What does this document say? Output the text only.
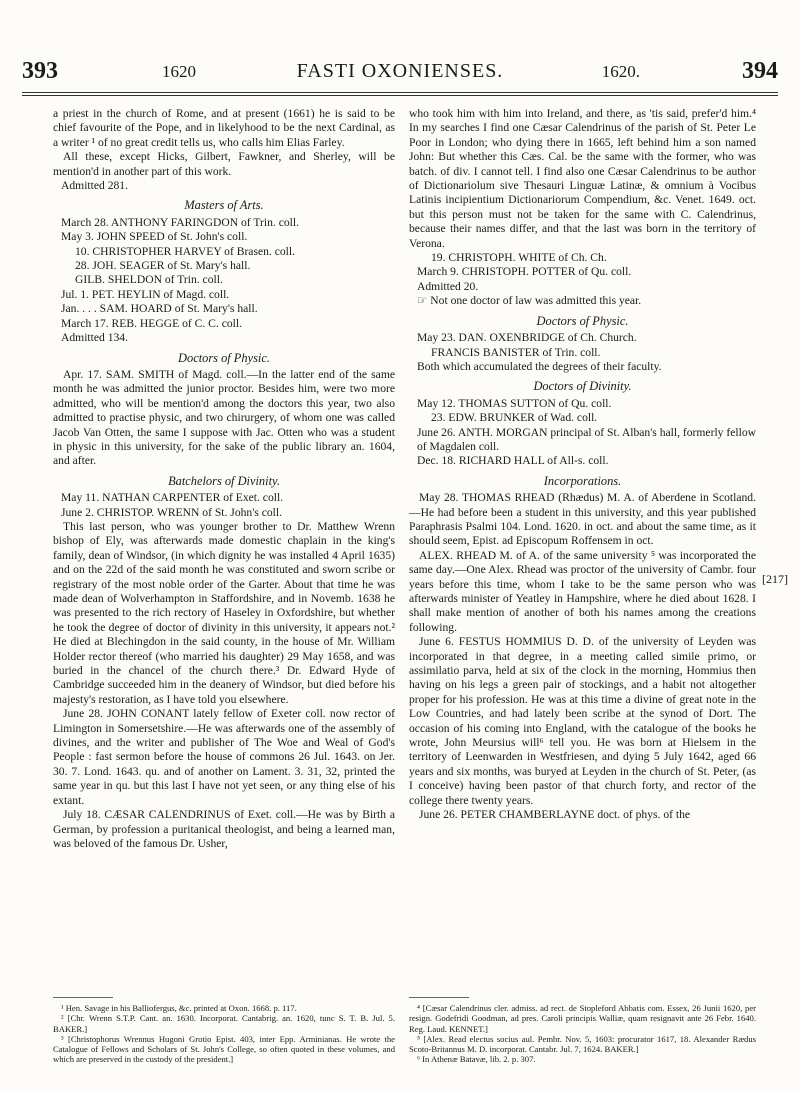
393	1620	FASTI OXONIENSES.	1620.	394

a priest in the church of Rome, and at present (1661) he is said to be chief favourite of the Pope, and in likelyhood to be the next Cardinal, as a writer ¹ of no great credit tells us, who calls him Elias Farley.

All these, except Hicks, Gilbert, Fawkner, and Sherley, will be mention'd in another part of this work.

Admitted 281.

Masters of Arts.

March 28. ANTHONY FARINGDON of Trin. coll.

May 3. JOHN SPEED of St. John's coll.

10. CHRISTOPHER HARVEY of Brasen. coll.

28. JOH. SEAGER of St. Mary's hall.

GILB. SHELDON of Trin. coll.

Jul. 1. PET. HEYLIN of Magd. coll.

Jan. . . . SAM. HOARD of St. Mary's hall.

March 17. REB. HEGGE of C. C. coll.

Admitted 134.

Doctors of Physic.

Apr. 17. SAM. SMITH of Magd. coll.—In the latter end of the same month he was admitted the junior proctor. Besides him, were two more admitted, who will be mention'd among the doctors this year, two also admitted to practise physic, and two chirurgery, of whom one was called Jacob Van Otten, the same I suppose with Jac. Otten who was a student in physic in this university, for the sake of the public library an. 1604, and after.

Batchelors of Divinity.

May 11. NATHAN CARPENTER of Exet. coll.

June 2. CHRISTOP. WRENN of St. John's coll.

This last person, who was younger brother to Dr. Matthew Wrenn bishop of Ely, was afterwards made domestic chaplain in the king's family, dean of Windsor, (in which dignity he was installed 4 April 1635) and on the 22d of the said month he was constituted and sworn scribe or registrary of the most noble order of the Garter. About that time he was made dean of Wolverhampton in Staffordshire, and in Novemb. 1638 he was presented to the rich rectory of Haseley in Oxfordshire, but whether he took the degree of doctor of divinity in this university, it appears not.² He died at Blechingdon in the said county, in the house of Mr. William Holder rector thereof (who married his daughter) 29 May 1658, and was buried in the chancel of the church there.³ Dr. Edward Hyde of Cambridge succeeded him in the deanery of Windsor, but died before his majesty's restoration, as I have told you elsewhere.

June 28. JOHN CONANT lately fellow of Exeter coll. now rector of Limington in Somersetshire.—He was afterwards one of the assembly of divines, and the writer and publisher of The Woe and Weal of God's People : fast sermon before the house of commons 26 Jul. 1643. on Jer. 30. 7. Lond. 1643. qu. and of another on Lament. 3. 31, 32, printed the same year in qu. but this last I have not yet seen, or any thing else of his extant.

July 18. CÆSAR CALENDRINUS of Exet. coll.—He was by Birth a German, by profession a puritanical theologist, and being a learned man, was beloved of the famous Dr. Usher,

who took him with him into Ireland, and there, as 'tis said, prefer'd him.⁴ In my searches I find one Cæsar Calendrinus of the parish of St. Peter Le Poor in London; who dying there in 1665, left behind him a son named John: But whether this Cæs. Cal. be the same with the former, who was batch. of div. I cannot tell. I find also one Cæsar Calendrinus to be author of Dictionariolum sive Thesauri Linguæ Latinæ, & omnium à Vocibus Latinis incipientium Dictionariorum Compendium, &c. Venet. 1649. oct. but this person must not be taken for the same with C. Calendrinus, because their names differ, and that the last was born in the territory of Verona.

19. CHRISTOPH. WHITE of Ch. Ch.

March 9. CHRISTOPH. POTTER of Qu. coll.

Admitted 20.

☞ Not one doctor of law was admitted this year.

Doctors of Physic.

May 23. DAN. OXENBRIDGE of Ch. Church.

FRANCIS BANISTER of Trin. coll.

Both which accumulated the degrees of their faculty.

Doctors of Divinity.

May 12. THOMAS SUTTON of Qu. coll.

23. EDW. BRUNKER of Wad. coll.

June 26. ANTH. MORGAN principal of St. Alban's hall, formerly fellow of Magdalen coll.

Dec. 18. RICHARD HALL of All-s. coll.

Incorporations.

May 28. THOMAS RHEAD (Rhædus) M. A. of Aberdene in Scotland.—He had before been a student in this university, and this year published Paraphrasis Psalmi 104. Lond. 1620. in oct. and about the same time, as it should seem, Epist. ad Episcopum Roffensem in oct.

ALEX. RHEAD M. of A. of the same university ⁵ was incorporated the same day.—One Alex. Rhead was proctor of the university of Cambr. four years before this time, whom I take to be the same person who was afterwards minister of Yeatley in Hampshire, where he died about 1628. I shall make mention of another of both his names among the creations following.

June 6. FESTUS HOMMIUS D. D. of the university of Leyden was incorporated in that degree, in a meeting called simile primo, or assimilatio parva, held at six of the clock in the morning, Hommius then having on his legs a green pair of stockings, and a habit not altogether proper for his profession. He was at this time a divine of great note in the Low Countries, and had lately been scribe at the synod of Dort. The occasion of his coming into England, with the catalogue of the books he wrote, John Meursius will⁶ tell you. He was born at Hielsem in the territory of Leenwarden in Westfriesen, and dying 5 July 1642, aged 66 years and six months, was buryed at Leyden in the church of St. Peter, (as I conceive) having been pastor of that church forty, and rector of the college there twenty years.

June 26. PETER CHAMBERLAYNE doct. of phys. of the

[217]

¹ Hen. Savage in his Balliofergus, &c. printed at Oxon. 1668. p. 117.

² [Chr. Wrenn S.T.P. Cant. an. 1630. Incorporat. Cantabrig. an. 1620, tunc S. T. B. Jul. 5. BAKER.]

³ [Christophorus Wrennus Hugoni Grotio Epist. 403, inter Epp. Arminianas. He wrote the Catalogue of Fellows and Scholars of St. John's College, so often quoted in these volumes, and which are preserved in the custody of the president.]

⁴ [Cæsar Calendrinus cler. admiss. ad rect. de Stopleford Abbatis com. Essex, 26 Junii 1620, per resign. Godefridi Goodman, ad pres. Caroli principis Walliæ, quam resignavit ante 26 Febr. 1640. Reg. Laud. KENNET.]

⁵ [Alex. Read electus socius aul. Pembr. Nov. 5, 1603: procurator 1617, 18. Alexander Rædus Scoto-Britannus M. D. incorporat. Cantabr. Jul. 7, 1624. BAKER.]

⁶ In Athenæ Batavæ, lib. 2. p. 307.
